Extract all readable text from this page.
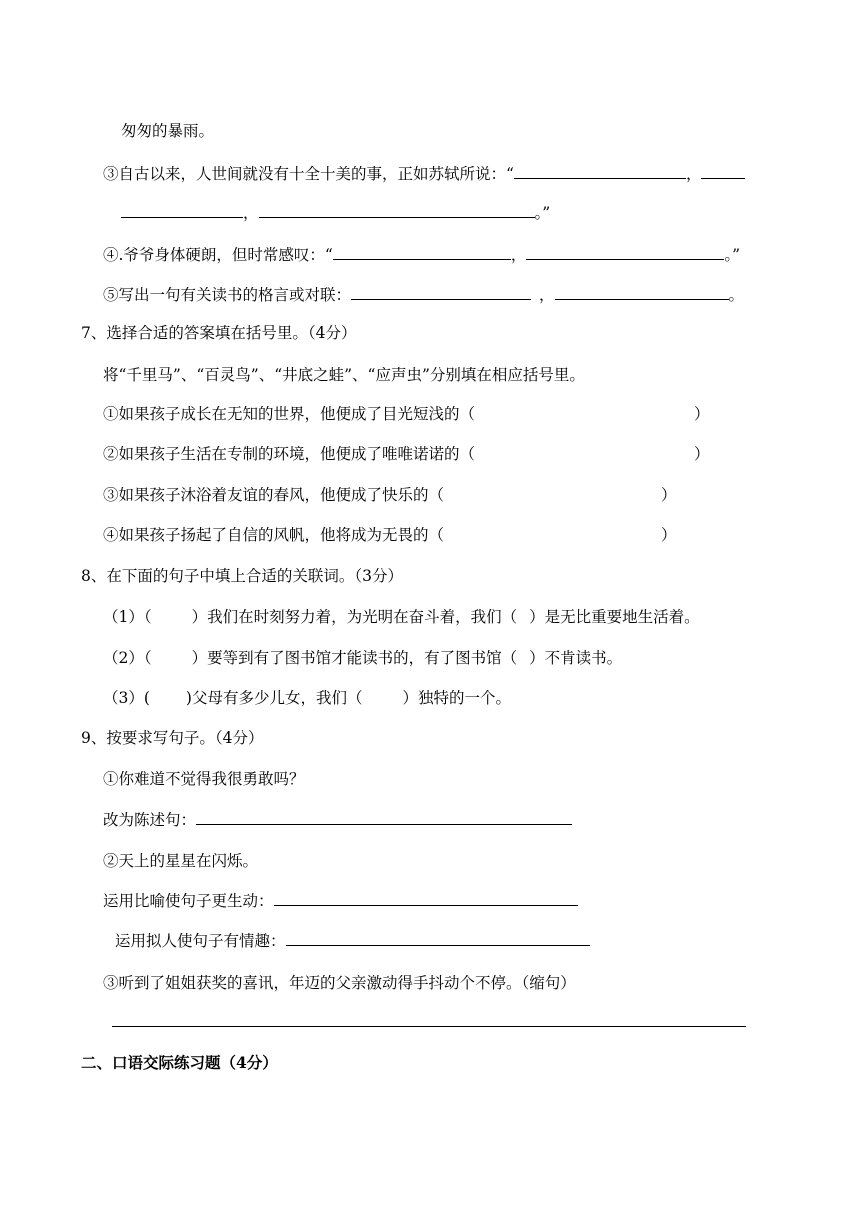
匆匆的暴雨。
③自古以来，人世间就没有十全十美的事，正如苏轼所说：“	，
，	。”
④.爷爷身体硬朗，但时常感叹：“	，	。”
⑤写出一句有关读书的格言或对联：	，	。
7、选择合适的答案填在括号里。（4分）
将“千里马”、“百灵鸟”、“井底之蛙”、“应声虫”分别填在相应括号里。
①如果孩子成长在无知的世界，他便成了目光短浅的（	）
②如果孩子生活在专制的环境，他便成了唯唯诺诺的（	）
③如果孩子沐浴着友谊的春风，他便成了快乐的（	）
④如果孩子扬起了自信的风帆，他将成为无畏的（	）
8、在下面的句子中填上合适的关联词。（3分）
（1）（	）我们在时刻努力着，为光明在奋斗着，我们（ ）是无比重要地生活着。
（2）（	）要等到有了图书馆才能读书的，有了图书馆（ ）不肯读书。
（3）( )父母有多少儿女，我们（	）独特的一个。
9、按要求写句子。（4分）
①你难道不觉得我很勇敢吗？
改为陈述句：
②天上的星星在闪烁。
运用比喻使句子更生动：
运用拟人使句子有情趣：
③听到了姐姐获奖的喜讯，年迈的父亲激动得手抖动个不停。（缩句）
二、口语交际练习题（4分）
